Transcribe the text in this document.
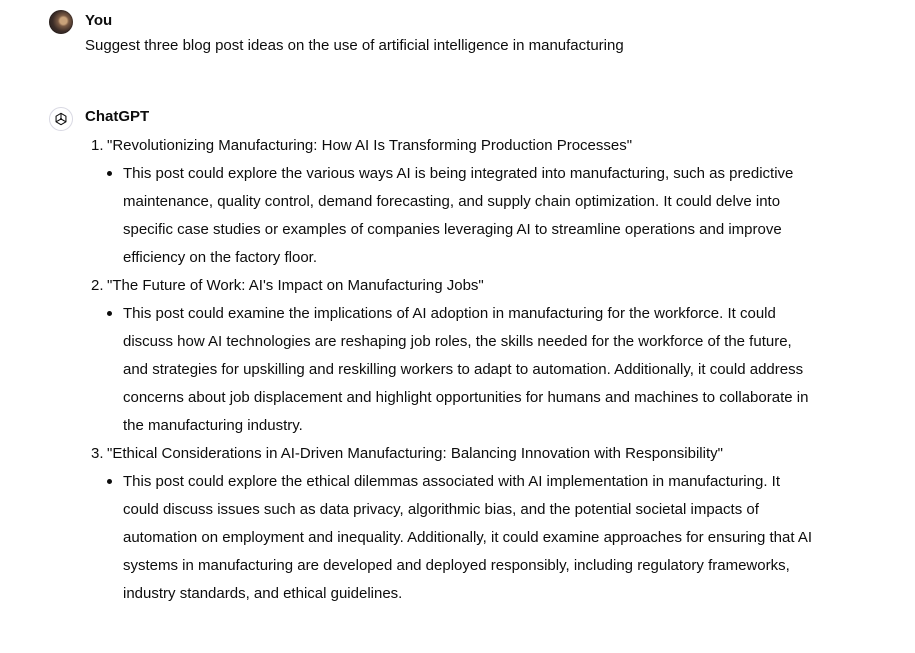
You
Suggest three blog post ideas on the use of artificial intelligence in manufacturing
ChatGPT
1. "Revolutionizing Manufacturing: How AI Is Transforming Production Processes"
This post could explore the various ways AI is being integrated into manufacturing, such as predictive maintenance, quality control, demand forecasting, and supply chain optimization. It could delve into specific case studies or examples of companies leveraging AI to streamline operations and improve efficiency on the factory floor.
2. "The Future of Work: AI's Impact on Manufacturing Jobs"
This post could examine the implications of AI adoption in manufacturing for the workforce. It could discuss how AI technologies are reshaping job roles, the skills needed for the workforce of the future, and strategies for upskilling and reskilling workers to adapt to automation. Additionally, it could address concerns about job displacement and highlight opportunities for humans and machines to collaborate in the manufacturing industry.
3. "Ethical Considerations in AI-Driven Manufacturing: Balancing Innovation with Responsibility"
This post could explore the ethical dilemmas associated with AI implementation in manufacturing. It could discuss issues such as data privacy, algorithmic bias, and the potential societal impacts of automation on employment and inequality. Additionally, it could examine approaches for ensuring that AI systems in manufacturing are developed and deployed responsibly, including regulatory frameworks, industry standards, and ethical guidelines.
